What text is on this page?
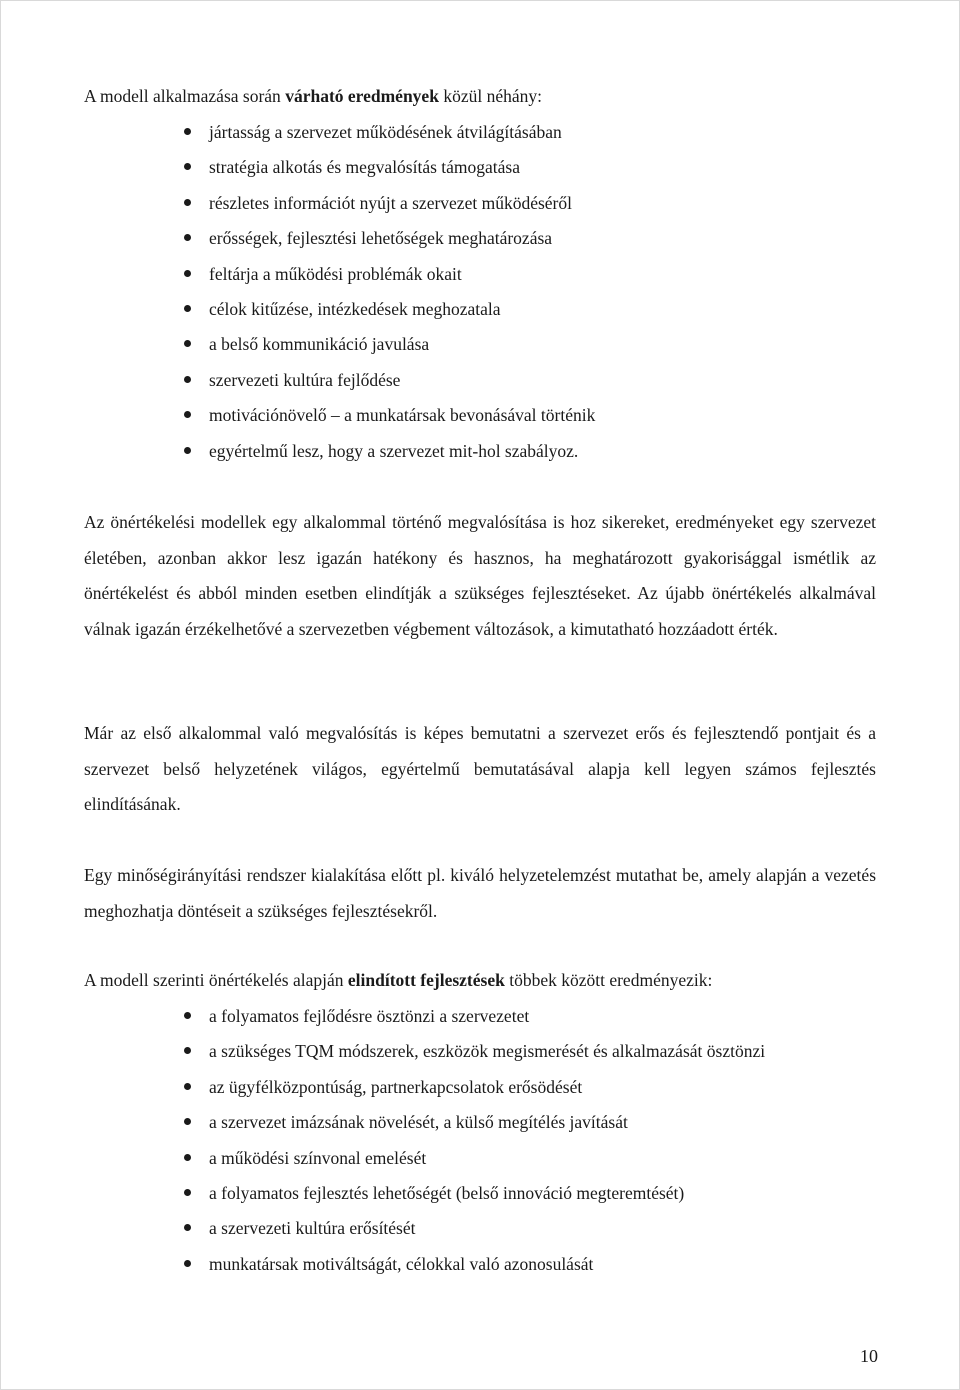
A modell alkalmazása során várható eredmények közül néhány:

jártasság a szervezet működésének átvilágításában
stratégia alkotás és megvalósítás támogatása
részletes információt nyújt a szervezet működéséről
erősségek, fejlesztési lehetőségek meghatározása
feltárja a működési problémák okait
célok kitűzése, intézkedések meghozatala
a belső kommunikáció javulása
szervezeti kultúra fejlődése
motivációnövelő – a munkatársak bevonásával történik
egyértelmű lesz, hogy a szervezet mit-hol szabályoz.

Az önértékelési modellek egy alkalommal történő megvalósítása is hoz sikereket, eredményeket egy szervezet életében, azonban akkor lesz igazán hatékony és hasznos, ha meghatározott gyakorisággal ismétlik az önértékelést és abból minden esetben elindítják a szükséges fejlesztéseket. Az újabb önértékelés alkalmával válnak igazán érzékelhetővé a szervezetben végbement változások, a kimutatható hozzáadott érték.

Már az első alkalommal való megvalósítás is képes bemutatni a szervezet erős és fejlesztendő pontjait és a szervezet belső helyzetének világos, egyértelmű bemutatásával alapja kell legyen számos fejlesztés elindításának.

Egy minőségirányítási rendszer kialakítása előtt pl. kiváló helyzetelemzést mutathat be, amely alapján a vezetés meghozhatja döntéseit a szükséges fejlesztésekről.

A modell szerinti önértékelés alapján elindított fejlesztések többek között eredményezik:

a folyamatos fejlődésre ösztönzi a szervezetet
a szükséges TQM módszerek, eszközök megismerését és alkalmazását ösztönzi
az ügyfélközpontúság, partnerkapcsolatok erősödését
a szervezet imázsának növelését, a külső megítélés javítását
a működési színvonal emelését
a folyamatos fejlesztés lehetőségét (belső innováció megteremtését)
a szervezeti kultúra erősítését
munkatársak motiváltságát, célokkal való azonosulását
10
